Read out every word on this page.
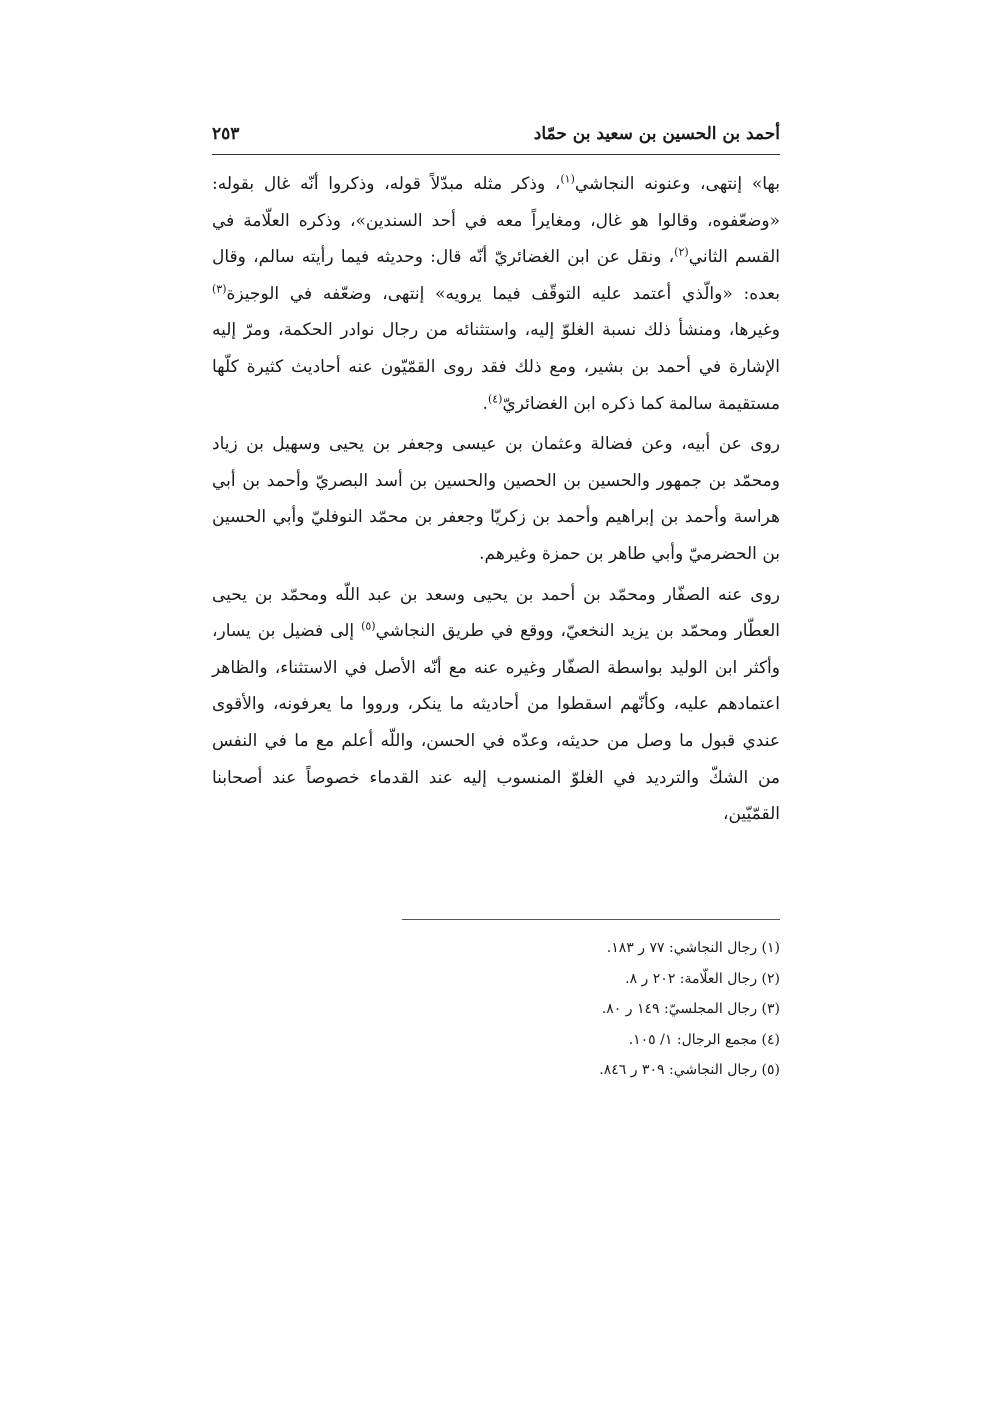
٢٥٣	أحمد بن الحسين بن سعيد بن حمّاد

بها» إنتهى، وعنونه النجاشي$^{(١)}$، وذكر مثله مبدّلاً قوله، وذكروا أنّه غال بقوله: «وضعّفوه، وقالوا هو غال، ومغايراً معه في أحد السندين»، وذكره العلّامة في القسم الثاني$^{(٢)}$، ونقل عن ابن الغضائريّ أنّه قال: وحديثه فيما رأيته سالم، وقال بعده: «والّذي أعتمد عليه التوقّف فيما يرويه» إنتهى، وضعّفه في الوجيزة$^{(٣)}$ وغيرها، ومنشأ ذلك نسبة الغلوّ إليه، واستثنائه من رجال نوادر الحكمة، ومرّ إليه الإشارة في أحمد بن بشير، ومع ذلك فقد روى القمّيّون عنه أحاديث كثيرة كلّها مستقيمة سالمة كما ذكره ابن الغضائريّ$^{(٤)}$.

روى عن أبيه، وعن فضالة وعثمان بن عيسى وجعفر بن يحيى وسهيل بن زياد ومحمّد بن جمهور والحسين بن الحصين والحسين بن أسد البصريّ وأحمد بن أبي هراسة وأحمد بن إبراهيم وأحمد بن زكريّا وجعفر بن محمّد النوفليّ وأبي الحسين بن الحضرميّ وأبي طاهر بن حمزة وغيرهم.

روى عنه الصفّار ومحمّد بن أحمد بن يحيى وسعد بن عبد اللّه ومحمّد بن يحيى العطّار ومحمّد بن يزيد النخعيّ، ووقع في طريق النجاشي$^{(٥)}$ إلى فضيل بن يسار، وأكثر ابن الوليد بواسطة الصفّار وغيره عنه مع أنّه الأصل في الاستثناء، والظاهر اعتمادهم عليه، وكأنّهم اسقطوا من أحاديثه ما ينكر، ورووا ما يعرفونه، والأقوى عندي قبول ما وصل من حديثه، وعدّه في الحسن، واللّه أعلم مع ما في النفس من الشكّ والترديد في الغلوّ المنسوب إليه عند القدماء خصوصاً عند أصحابنا القمّيّين،

(١) رجال النجاشي: ٧٧ ر ١٨٣.
(٢) رجال العلّامة: ٢٠٢ ر ٨.
(٣) رجال المجلسيّ: ١٤٩ ر ٨٠.
(٤) مجمع الرجال: ١/ ١٠٥.
(٥) رجال النجاشي: ٣٠٩ ر ٨٤٦.
